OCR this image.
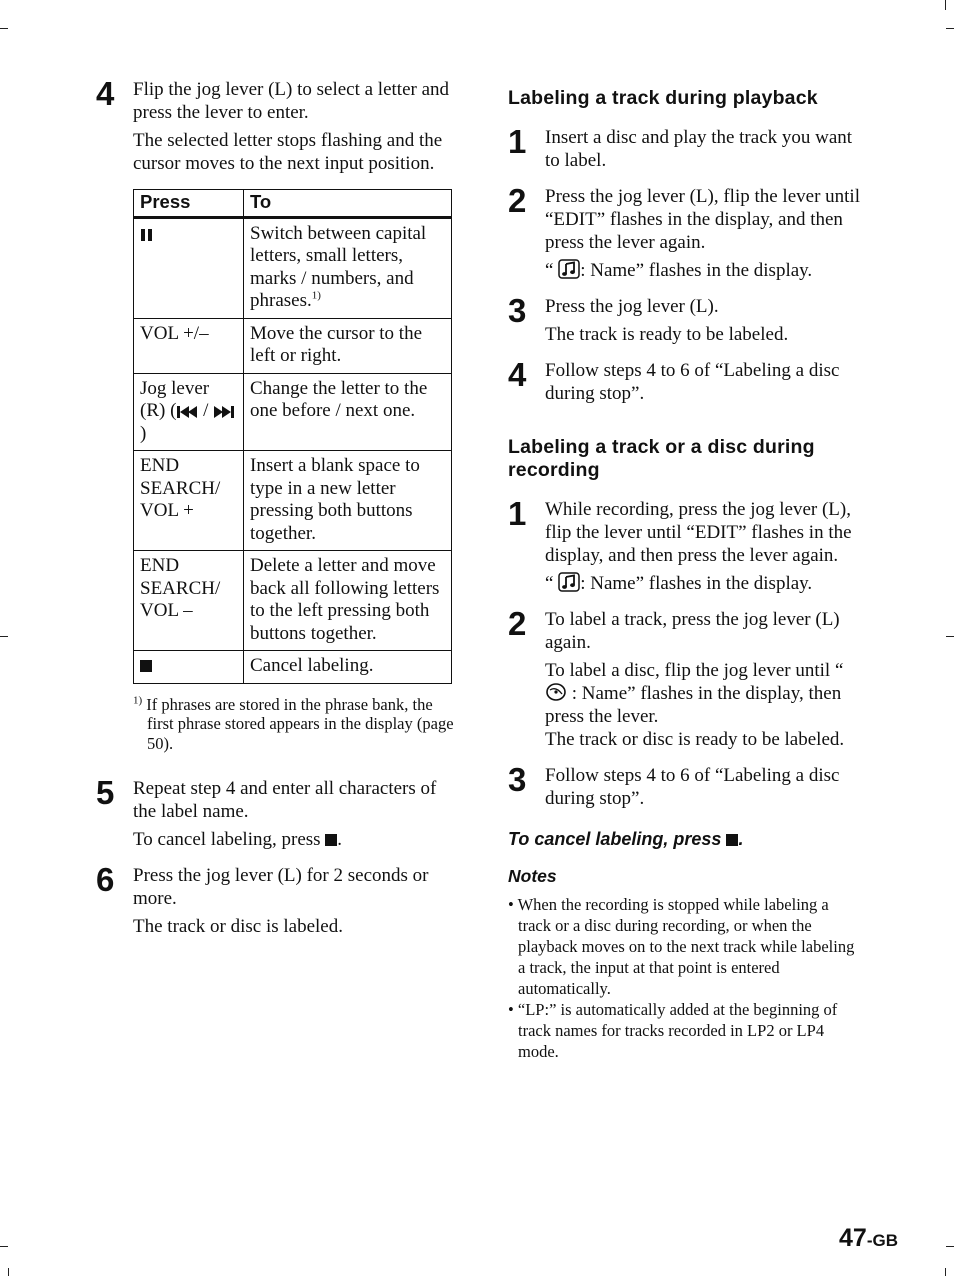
4 Flip the jog lever (L) to select a letter and press the lever to enter.

The selected letter stops flashing and the cursor moves to the next input position.

Press	To
	Switch between capital letters, small letters, marks / numbers, and phrases.$^{1)}$
VOL +/–	Move the cursor to the left or right.
Jog lever (R) ( / )	Change the letter to the one before / next one.
END SEARCH/ VOL +	Insert a blank space to type in a new letter pressing both buttons together.
END SEARCH/ VOL –	Delete a letter and move back all following letters to the left pressing both buttons together.
	Cancel labeling.

$^{1)}$ If phrases are stored in the phrase bank, the first phrase stored appears in the display (page 50).

5 Repeat step 4 and enter all characters of the label name.

To cancel labeling, press .

6 Press the jog lever (L) for 2 seconds or more.

The track or disc is labeled.

Labeling a track during playback
1 Insert a disc and play the track you want to label.

2 Press the jog lever (L), flip the lever until “EDIT” flashes in the display, and then press the lever again.

“ : Name” flashes in the display.

3 Press the jog lever (L).

The track is ready to be labeled.

4 Follow steps 4 to 6 of “Labeling a disc during stop”.

Labeling a track or a disc during recording
1 While recording, press the jog lever (L), flip the lever until “EDIT” flashes in the display, and then press the lever again.

“ : Name” flashes in the display.

2 To label a track, press the jog lever (L) again.

To label a disc, flip the jog lever until “  : Name” flashes in the display, then press the lever.

The track or disc is ready to be labeled.

3 Follow steps 4 to 6 of “Labeling a disc during stop”.

To cancel labeling, press .
Notes

• When the recording is stopped while labeling a track or a disc during recording, or when the playback moves on to the next track while labeling a track, the input at that point is entered automatically.

• “LP:” is automatically added at the beginning of track names for tracks recorded in LP2 or LP4 mode.

47-GB
